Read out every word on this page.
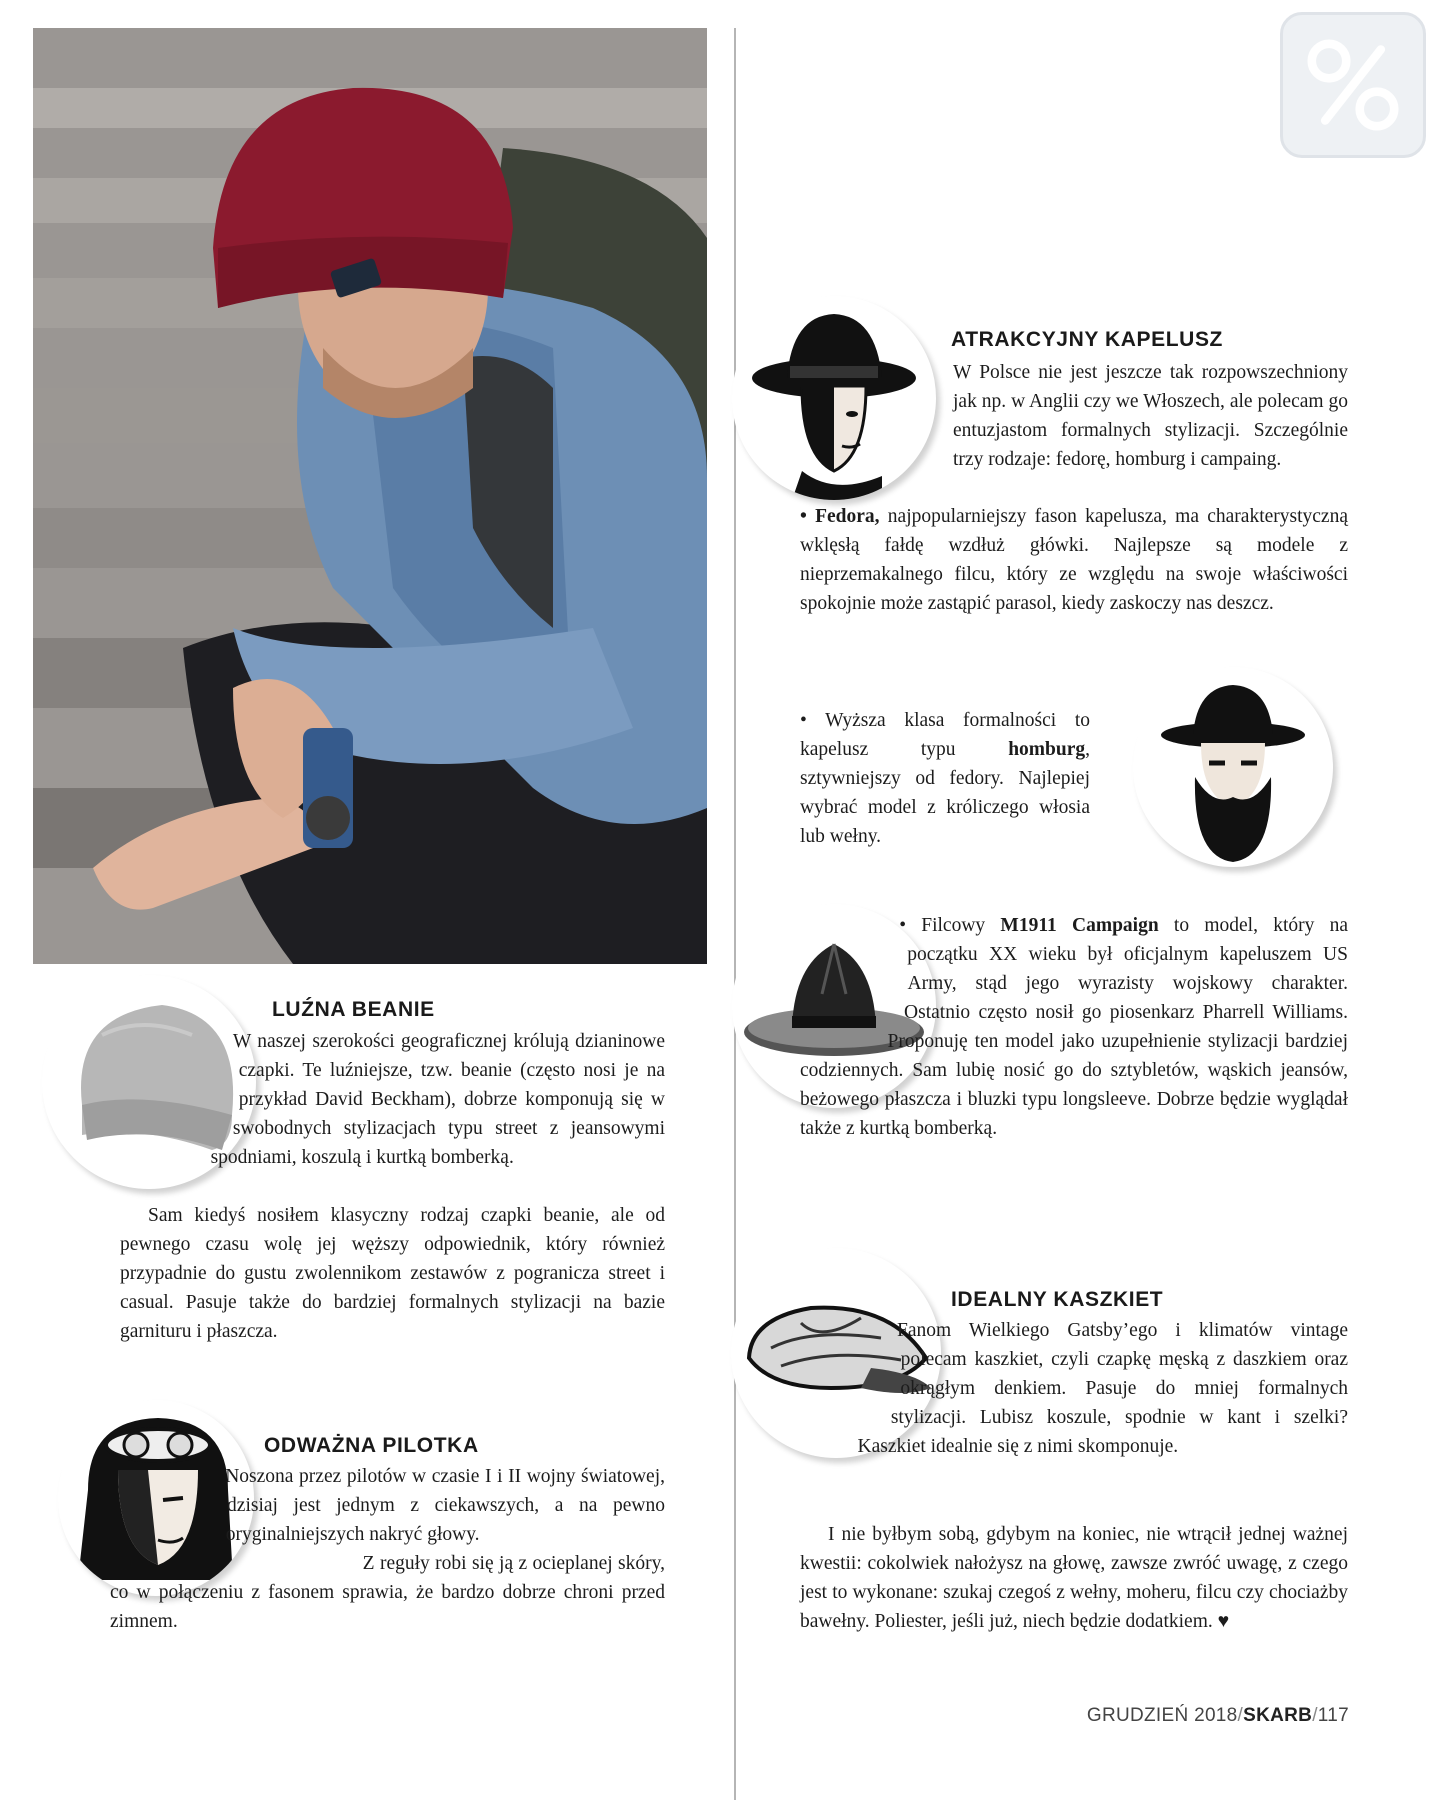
ATRAKCYJNY KAPELUSZ

W Polsce nie jest jeszcze tak rozpowszechniony jak np. w Anglii czy we Włoszech, ale polecam go entuzjastom formalnych stylizacji. Szczególnie trzy rodzaje: fedorę, homburg i campaing.

• Fedora, najpopularniejszy fason kapelusza, ma charakterystyczną wklęsłą fałdę wzdłuż główki. Najlepsze są modele z nieprzemakalnego filcu, który ze względu na swoje właściwości spokojnie może zastąpić parasol, kiedy zaskoczy nas deszcz.

• Wyższa klasa formalności to kapelusz typu homburg, sztywniejszy od fedory. Najlepiej wybrać model z króliczego włosia lub wełny.

• Filcowy M1911 Campaign to model, który na początku XX wieku był oficjalnym kapeluszem US Army, stąd jego wyrazisty wojskowy charakter. Ostatnio często nosił go piosenkarz Pharrell Williams. Proponuję ten model jako uzupełnienie stylizacji bardziej codziennych. Sam lubię nosić go do sztybletów, wąskich jeansów, beżowego płaszcza i bluzki typu longsleeve. Dobrze będzie wyglądał także z kurtką bomberką.

LUŹNA BEANIE

W naszej szerokości geograficznej królują dzianinowe czapki. Te luźniejsze, tzw. beanie (często nosi je na przykład David Beckham), dobrze komponują się w swobodnych stylizacjach typu street z jeansowymi spodniami, koszulą i kurtką bomberką.

Sam kiedyś nosiłem klasyczny rodzaj czapki beanie, ale od pewnego czasu wolę jej węższy odpowiednik, który również przypadnie do gustu zwolennikom zestawów z pogranicza street i casual. Pasuje także do bardziej formalnych stylizacji na bazie garnituru i płaszcza.

ODWAŻNA PILOTKA

Noszona przez pilotów w czasie I i II wojny światowej, dzisiaj jest jednym z ciekawszych, a na pewno oryginalniejszych nakryć głowy.
Z reguły robi się ją z ocieplanej skóry, co w połączeniu z fasonem sprawia, że bardzo dobrze chroni przed zimnem.

IDEALNY KASZKIET

Fanom Wielkiego Gatsby’ego i klimatów vintage polecam kaszkiet, czyli czapkę męską z daszkiem oraz okrągłym denkiem. Pasuje do mniej formalnych stylizacji. Lubisz koszule, spodnie w kant i szelki? Kaszkiet idealnie się z nimi skomponuje.

I nie byłbym sobą, gdybym na koniec, nie wtrącił jednej ważnej kwestii: cokolwiek nałożysz na głowę, zawsze zwróć uwagę, z czego jest to wykonane: szukaj czegoś z wełny, moheru, filcu czy chociażby bawełny. Poliester, jeśli już, niech będzie dodatkiem. ♥

GRUDZIEŃ 2018/SKARB/117
